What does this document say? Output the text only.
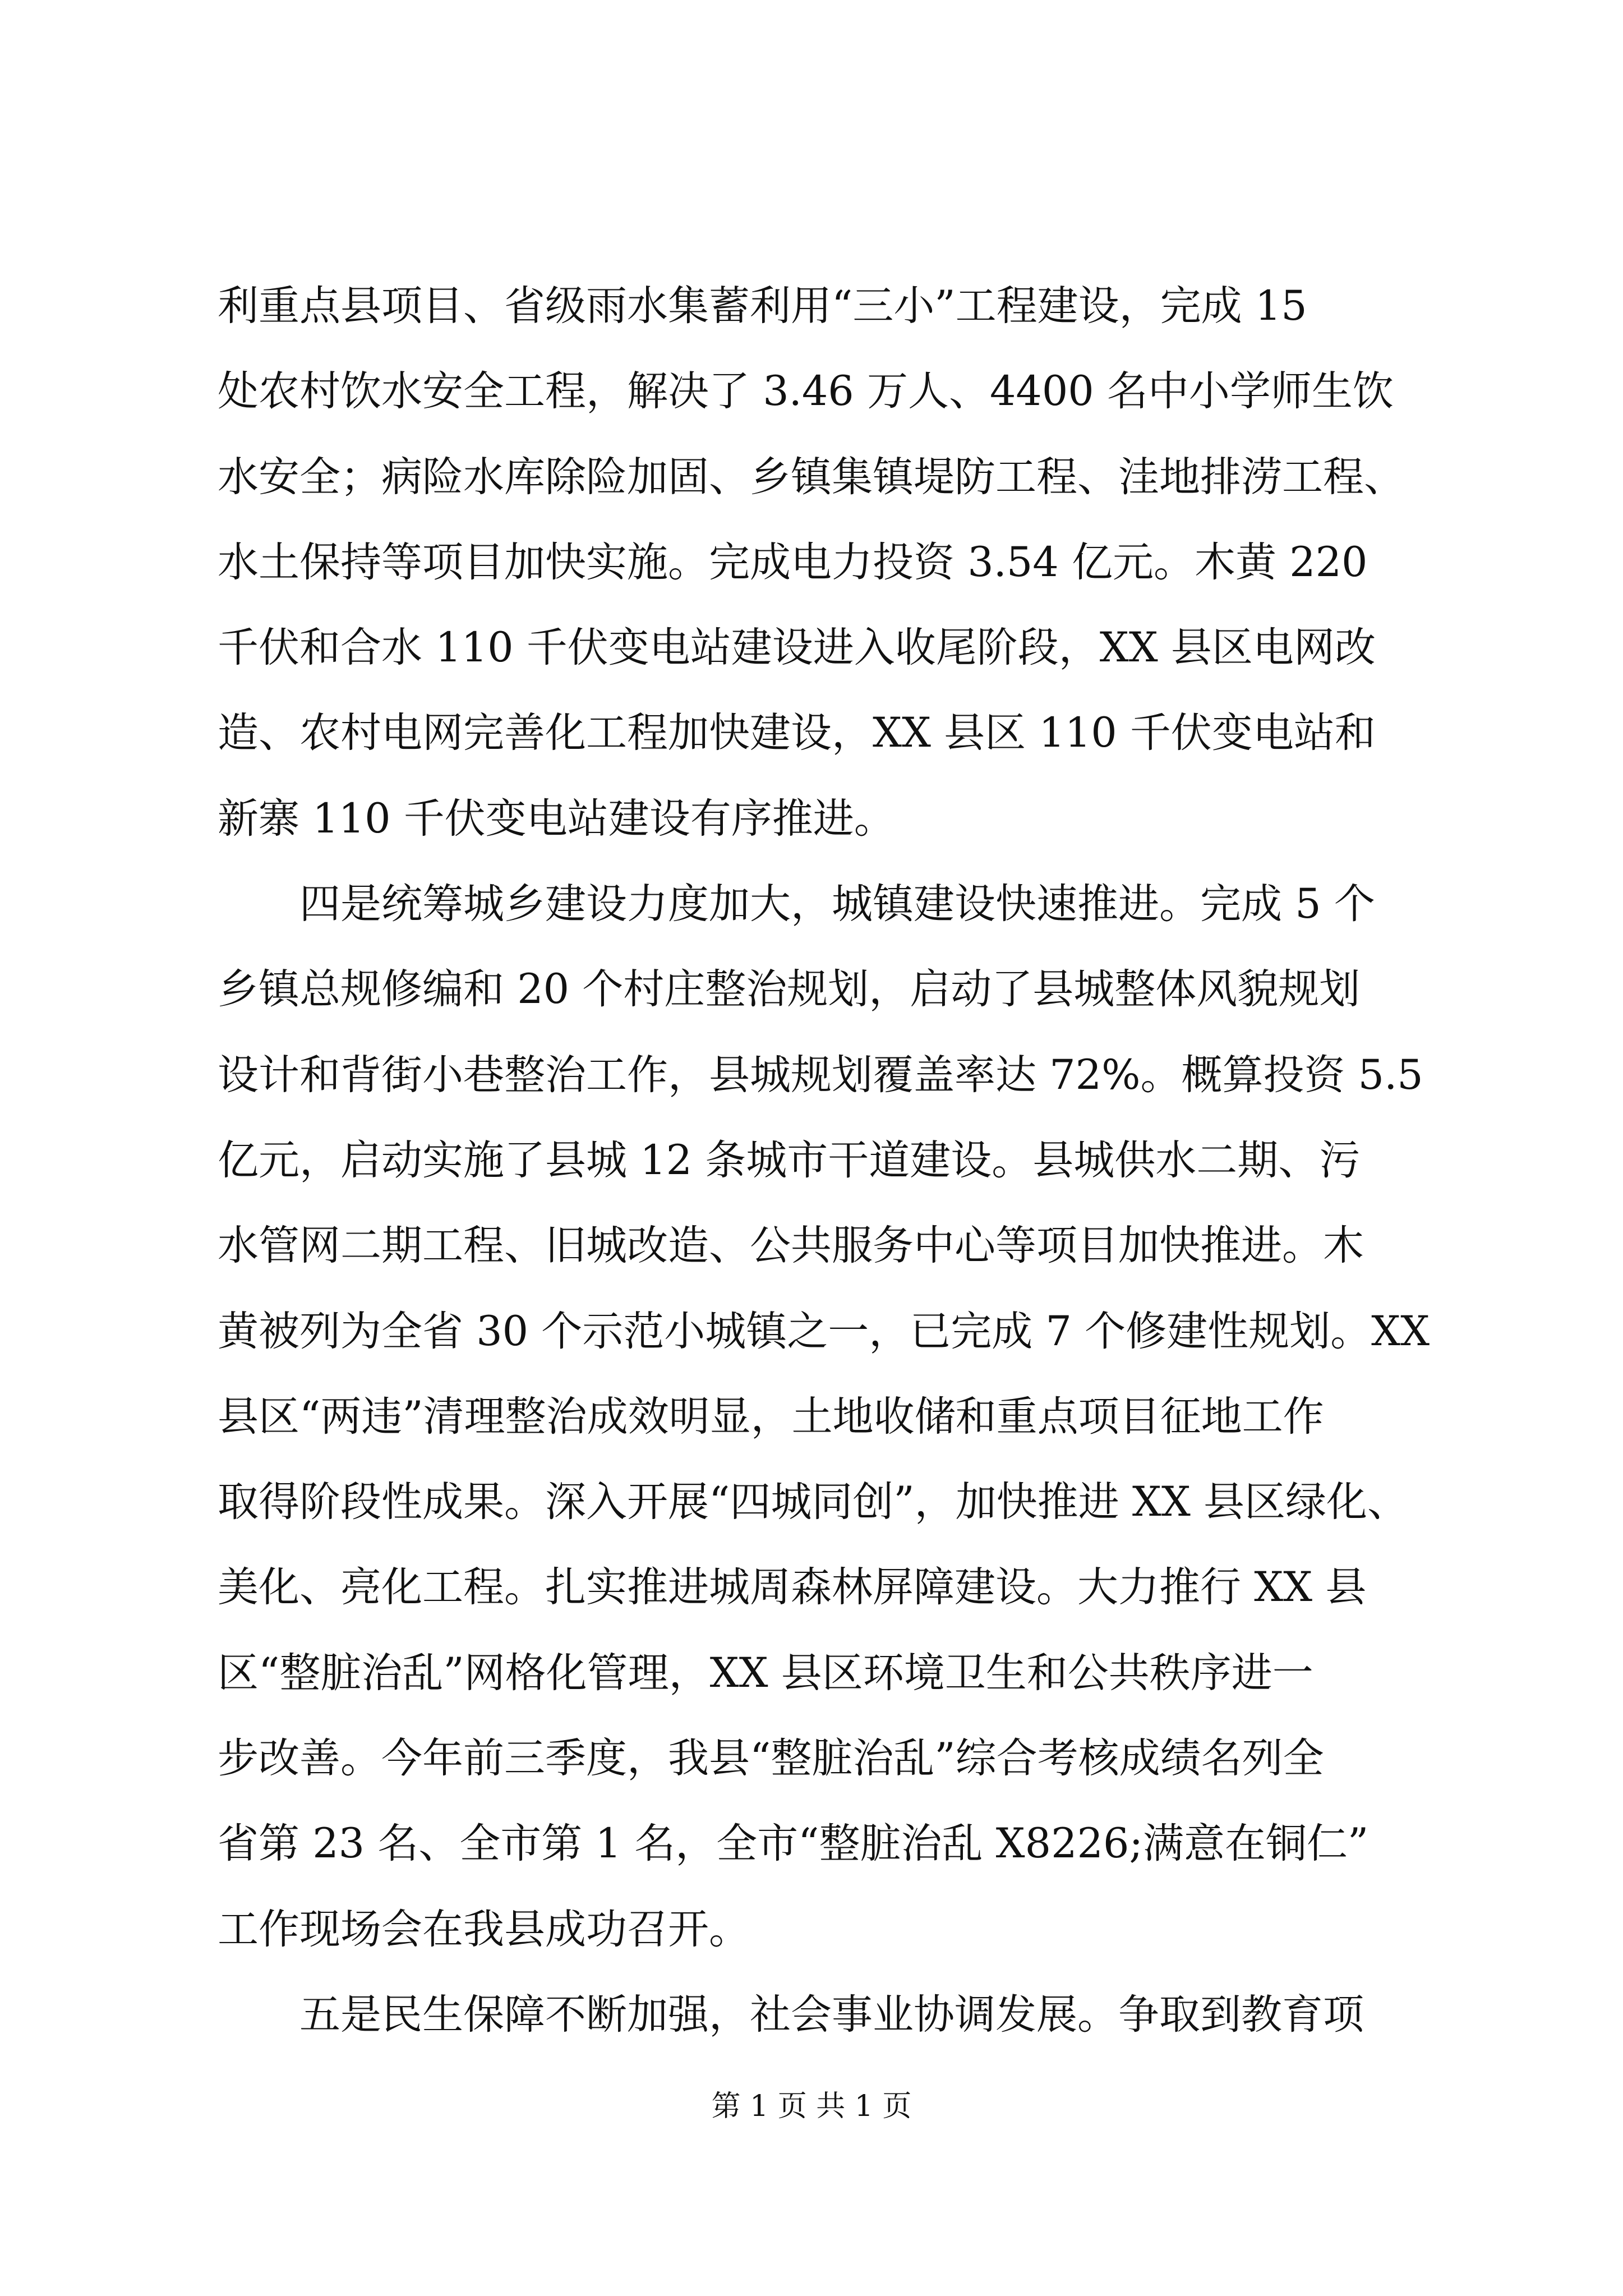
利重点县项目、省级雨水集蓄利用“三小”工程建设，完成 15
处农村饮水安全工程，解决了 3.46 万人、4400 名中小学师生饮
水安全；病险水库除险加固、乡镇集镇堤防工程、洼地排涝工程、
水土保持等项目加快实施。完成电力投资 3.54 亿元。木黄 220
千伏和合水 110 千伏变电站建设进入收尾阶段，XX 县区电网改
造、农村电网完善化工程加快建设，XX 县区 110 千伏变电站和
新寨 110 千伏变电站建设有序推进。
四是统筹城乡建设力度加大，城镇建设快速推进。完成 5 个
乡镇总规修编和 20 个村庄整治规划，启动了县城整体风貌规划
设计和背街小巷整治工作，县城规划覆盖率达 72%。概算投资 5.5
亿元，启动实施了县城 12 条城市干道建设。县城供水二期、污
水管网二期工程、旧城改造、公共服务中心等项目加快推进。木
黄被列为全省 30 个示范小城镇之一，已完成 7 个修建性规划。XX
县区“两违”清理整治成效明显，土地收储和重点项目征地工作
取得阶段性成果。深入开展“四城同创”，加快推进 XX 县区绿化、
美化、亮化工程。扎实推进城周森林屏障建设。大力推行 XX 县
区“整脏治乱”网格化管理，XX 县区环境卫生和公共秩序进一
步改善。今年前三季度，我县“整脏治乱”综合考核成绩名列全
省第 23 名、全市第 1 名，全市“整脏治乱 X8226;满意在铜仁”
工作现场会在我县成功召开。
五是民生保障不断加强，社会事业协调发展。争取到教育项
第 1 页 共 1 页
